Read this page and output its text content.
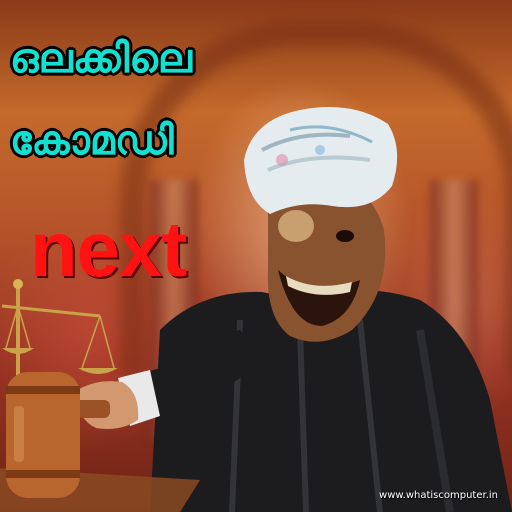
ഒലക്കിലെ
കോമഡി
next
www.whatiscomputer.in
